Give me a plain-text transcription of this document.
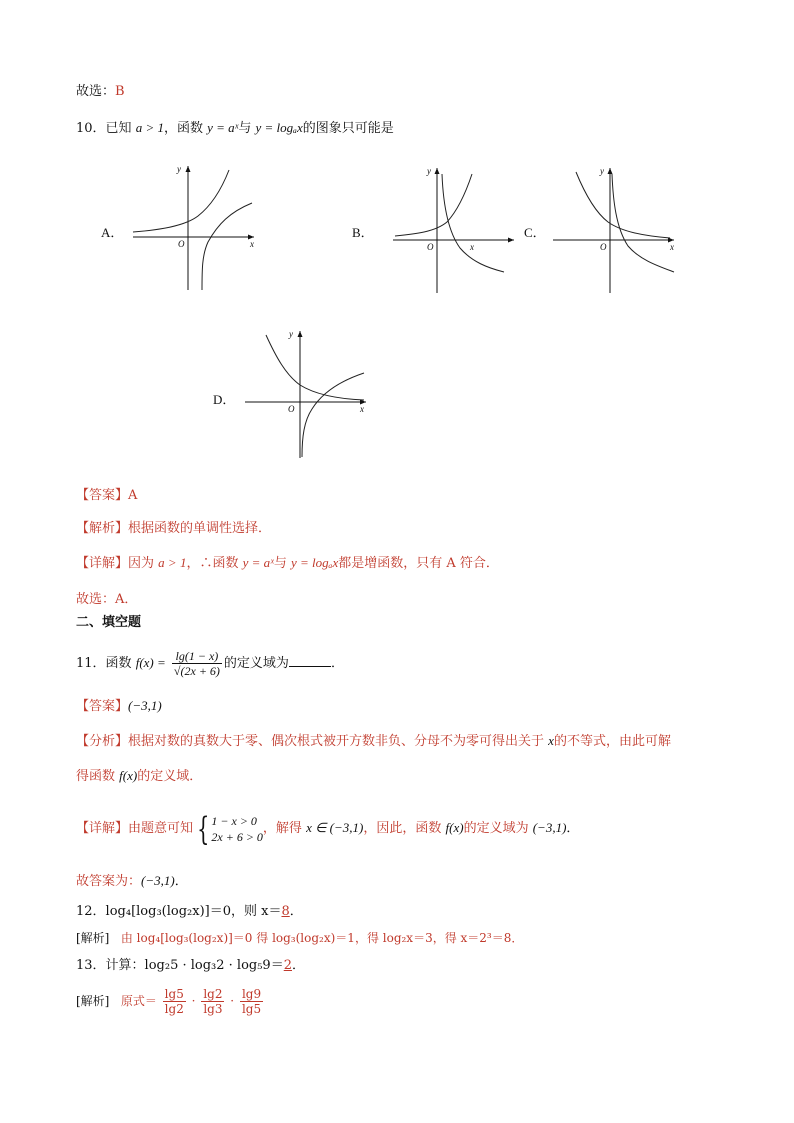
故选：B
10．已知 a > 1，函数 y = aˣ与 y = logₐx的图象只可能是
A．	B．	C．
D．
x
y
O	x
y
O	x
y
O
x
y
O
【答案】A
【解析】根据函数的单调性选择．
【详解】因为 a > 1，∴函数 y = aˣ与 y = logₐx都是增函数，只有 A 符合．
故选：A．
二、填空题
11．函数 $f(x) = \frac{\lg(1 - x)}{√(2x + 6)}$ 的定义域为	．
【答案】(−3,1)
【分析】根据对数的真数大于零、偶次根式被开方数非负、分母不为零可得出关于 x的不等式，由此可解
得函数 f(x)的定义域．
【详解】由题意可知 { 1 − x > 0
2x + 6 > 0
，解得 x ∈ (−3,1)，因此，函数 f(x)的定义域为 (−3,1)．
故答案为：(−3,1)．
12．log₄[log₃(log₂x)]＝0，则 x＝8．
[解析] 由 log₄[log₃(log₂x)]＝0 得 log₃(log₂x)＝1，得 log₂x＝3，得 x＝2³＝8．
13．计算：log₂5 · log₃2 · log₅9＝2．
[解析] 原式＝ $\frac{\lg 5}{\lg 2} \cdot \frac{\lg 2}{\lg 3} \cdot \frac{\lg 9}{\lg 5}$
